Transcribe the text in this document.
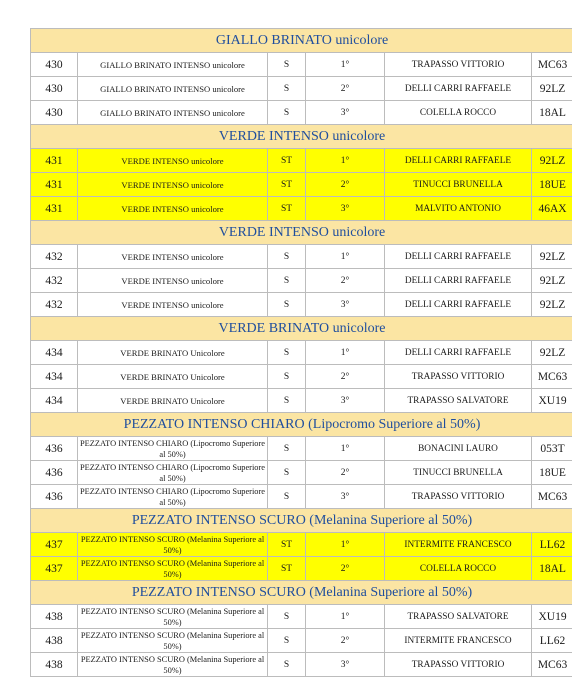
GIALLO BRINATO unicolore					
430	GIALLO BRINATO INTENSO unicolore	S	1°	TRAPASSO VITTORIO	MC63
430	GIALLO BRINATO INTENSO unicolore	S	2°	DELLI CARRI RAFFAELE	92LZ
430	GIALLO BRINATO INTENSO unicolore	S	3°	COLELLA ROCCO	18AL
VERDE INTENSO unicolore					
431	VERDE INTENSO unicolore	ST	1°	DELLI CARRI RAFFAELE	92LZ
431	VERDE INTENSO unicolore	ST	2°	TINUCCI BRUNELLA	18UE
431	VERDE INTENSO unicolore	ST	3°	MALVITO ANTONIO	46AX
VERDE INTENSO unicolore					
432	VERDE INTENSO unicolore	S	1°	DELLI CARRI RAFFAELE	92LZ
432	VERDE INTENSO unicolore	S	2°	DELLI CARRI RAFFAELE	92LZ
432	VERDE INTENSO unicolore	S	3°	DELLI CARRI RAFFAELE	92LZ
VERDE BRINATO unicolore					
434	VERDE BRINATO Unicolore	S	1°	DELLI CARRI RAFFAELE	92LZ
434	VERDE BRINATO Unicolore	S	2°	TRAPASSO VITTORIO	MC63
434	VERDE BRINATO Unicolore	S	3°	TRAPASSO SALVATORE	XU19
PEZZATO INTENSO CHIARO (Lipocromo Superiore al 50%)					
436	PEZZATO INTENSO CHIARO (Lipocromo Superiore al 50%)	S	1°	BONACINI LAURO	053T
436	PEZZATO INTENSO CHIARO (Lipocromo Superiore al 50%)	S	2°	TINUCCI BRUNELLA	18UE
436	PEZZATO INTENSO CHIARO (Lipocromo Superiore al 50%)	S	3°	TRAPASSO VITTORIO	MC63
PEZZATO INTENSO SCURO (Melanina Superiore al 50%)					
437	PEZZATO INTENSO SCURO (Melanina Superiore al 50%)	ST	1°	INTERMITE FRANCESCO	LL62
437	PEZZATO INTENSO SCURO (Melanina Superiore al 50%)	ST	2°	COLELLA ROCCO	18AL
PEZZATO INTENSO SCURO (Melanina Superiore al 50%)					
438	PEZZATO INTENSO SCURO (Melanina Superiore al 50%)	S	1°	TRAPASSO SALVATORE	XU19
438	PEZZATO INTENSO SCURO (Melanina Superiore al 50%)	S	2°	INTERMITE FRANCESCO	LL62
438	PEZZATO INTENSO SCURO (Melanina Superiore al 50%)	S	3°	TRAPASSO VITTORIO	MC63
